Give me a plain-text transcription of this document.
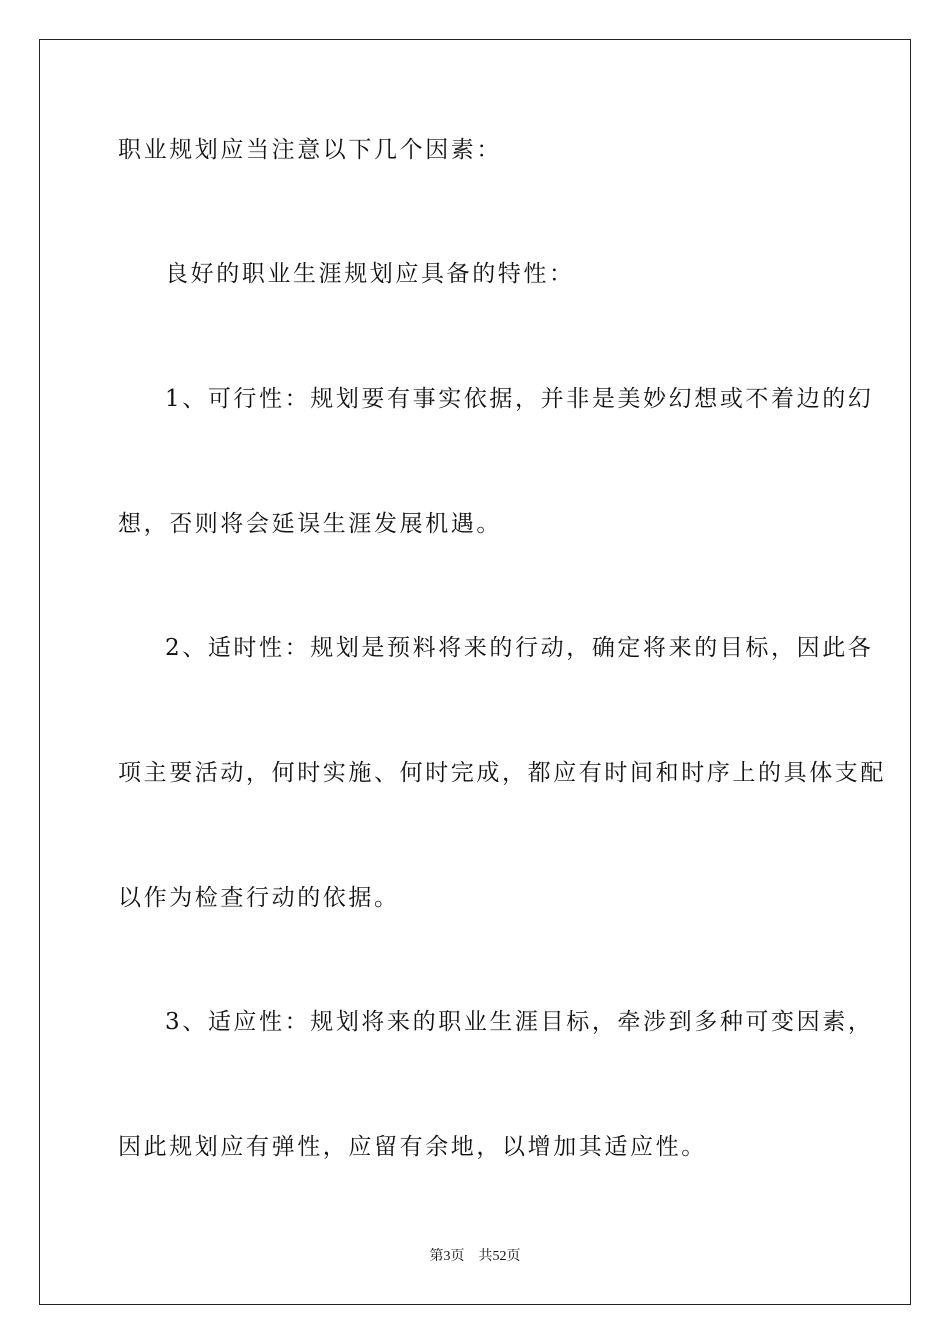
职业规划应当注意以下几个因素：
良好的职业生涯规划应具备的特性：
1、可行性：规划要有事实依据，并非是美妙幻想或不着边的幻
想，否则将会延误生涯发展机遇。
2、适时性：规划是预料将来的行动，确定将来的目标，因此各
项主要活动，何时实施、何时完成，都应有时间和时序上的具体支配
以作为检查行动的依据。
3、适应性：规划将来的职业生涯目标，牵涉到多种可变因素，
因此规划应有弹性，应留有余地，以增加其适应性。
第3页　共52页
